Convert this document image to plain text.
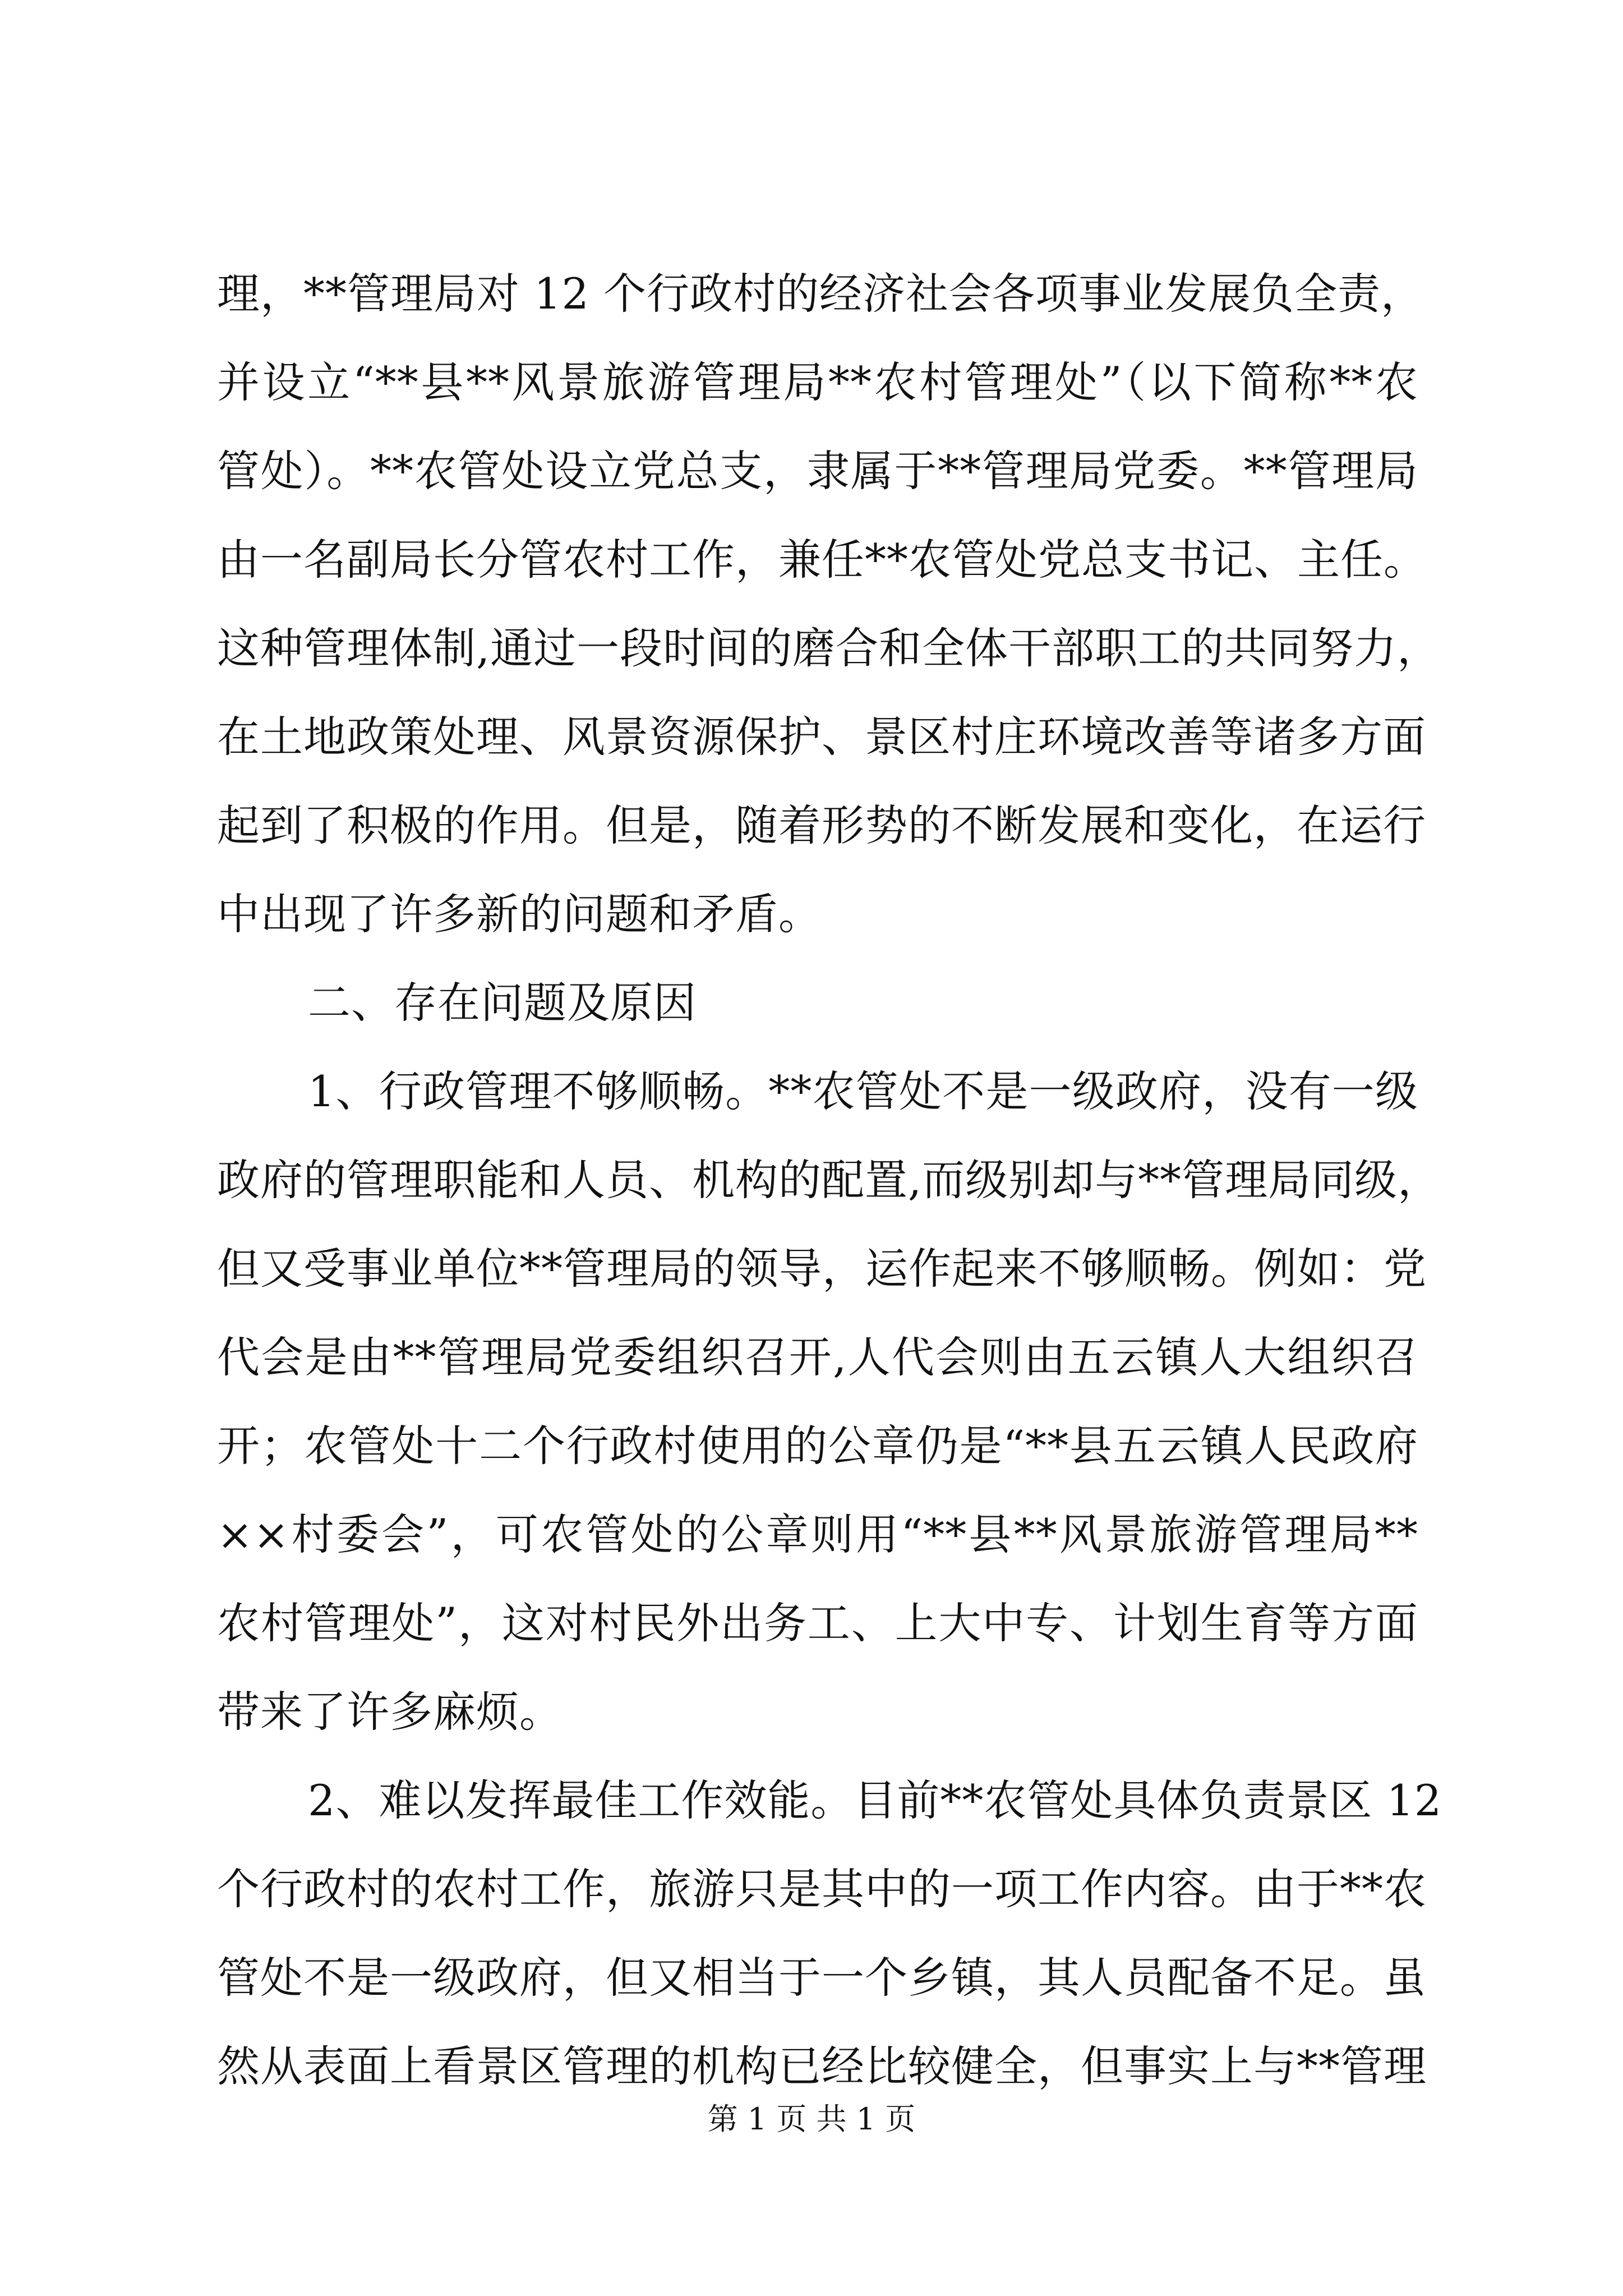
理，**管理局对 12 个行政村的经济社会各项事业发展负全责，
并设立“**县**风景旅游管理局**农村管理处”（以下简称**农
管处）。**农管处设立党总支，隶属于**管理局党委。**管理局
由一名副局长分管农村工作，兼任**农管处党总支书记、主任。
这种管理体制,通过一段时间的磨合和全体干部职工的共同努力，
在土地政策处理、风景资源保护、景区村庄环境改善等诸多方面
起到了积极的作用。但是，随着形势的不断发展和变化，在运行
中出现了许多新的问题和矛盾。
二、存在问题及原因
1、行政管理不够顺畅。**农管处不是一级政府，没有一级
政府的管理职能和人员、机构的配置,而级别却与**管理局同级，
但又受事业单位**管理局的领导，运作起来不够顺畅。例如：党
代会是由**管理局党委组织召开,人代会则由五云镇人大组织召
开；农管处十二个行政村使用的公章仍是“**县五云镇人民政府
××村委会”，可农管处的公章则用“**县**风景旅游管理局**
农村管理处”，这对村民外出务工、上大中专、计划生育等方面
带来了许多麻烦。
2、难以发挥最佳工作效能。目前**农管处具体负责景区 12
个行政村的农村工作，旅游只是其中的一项工作内容。由于**农
管处不是一级政府，但又相当于一个乡镇，其人员配备不足。虽
然从表面上看景区管理的机构已经比较健全，但事实上与**管理
第 1 页 共 1 页
